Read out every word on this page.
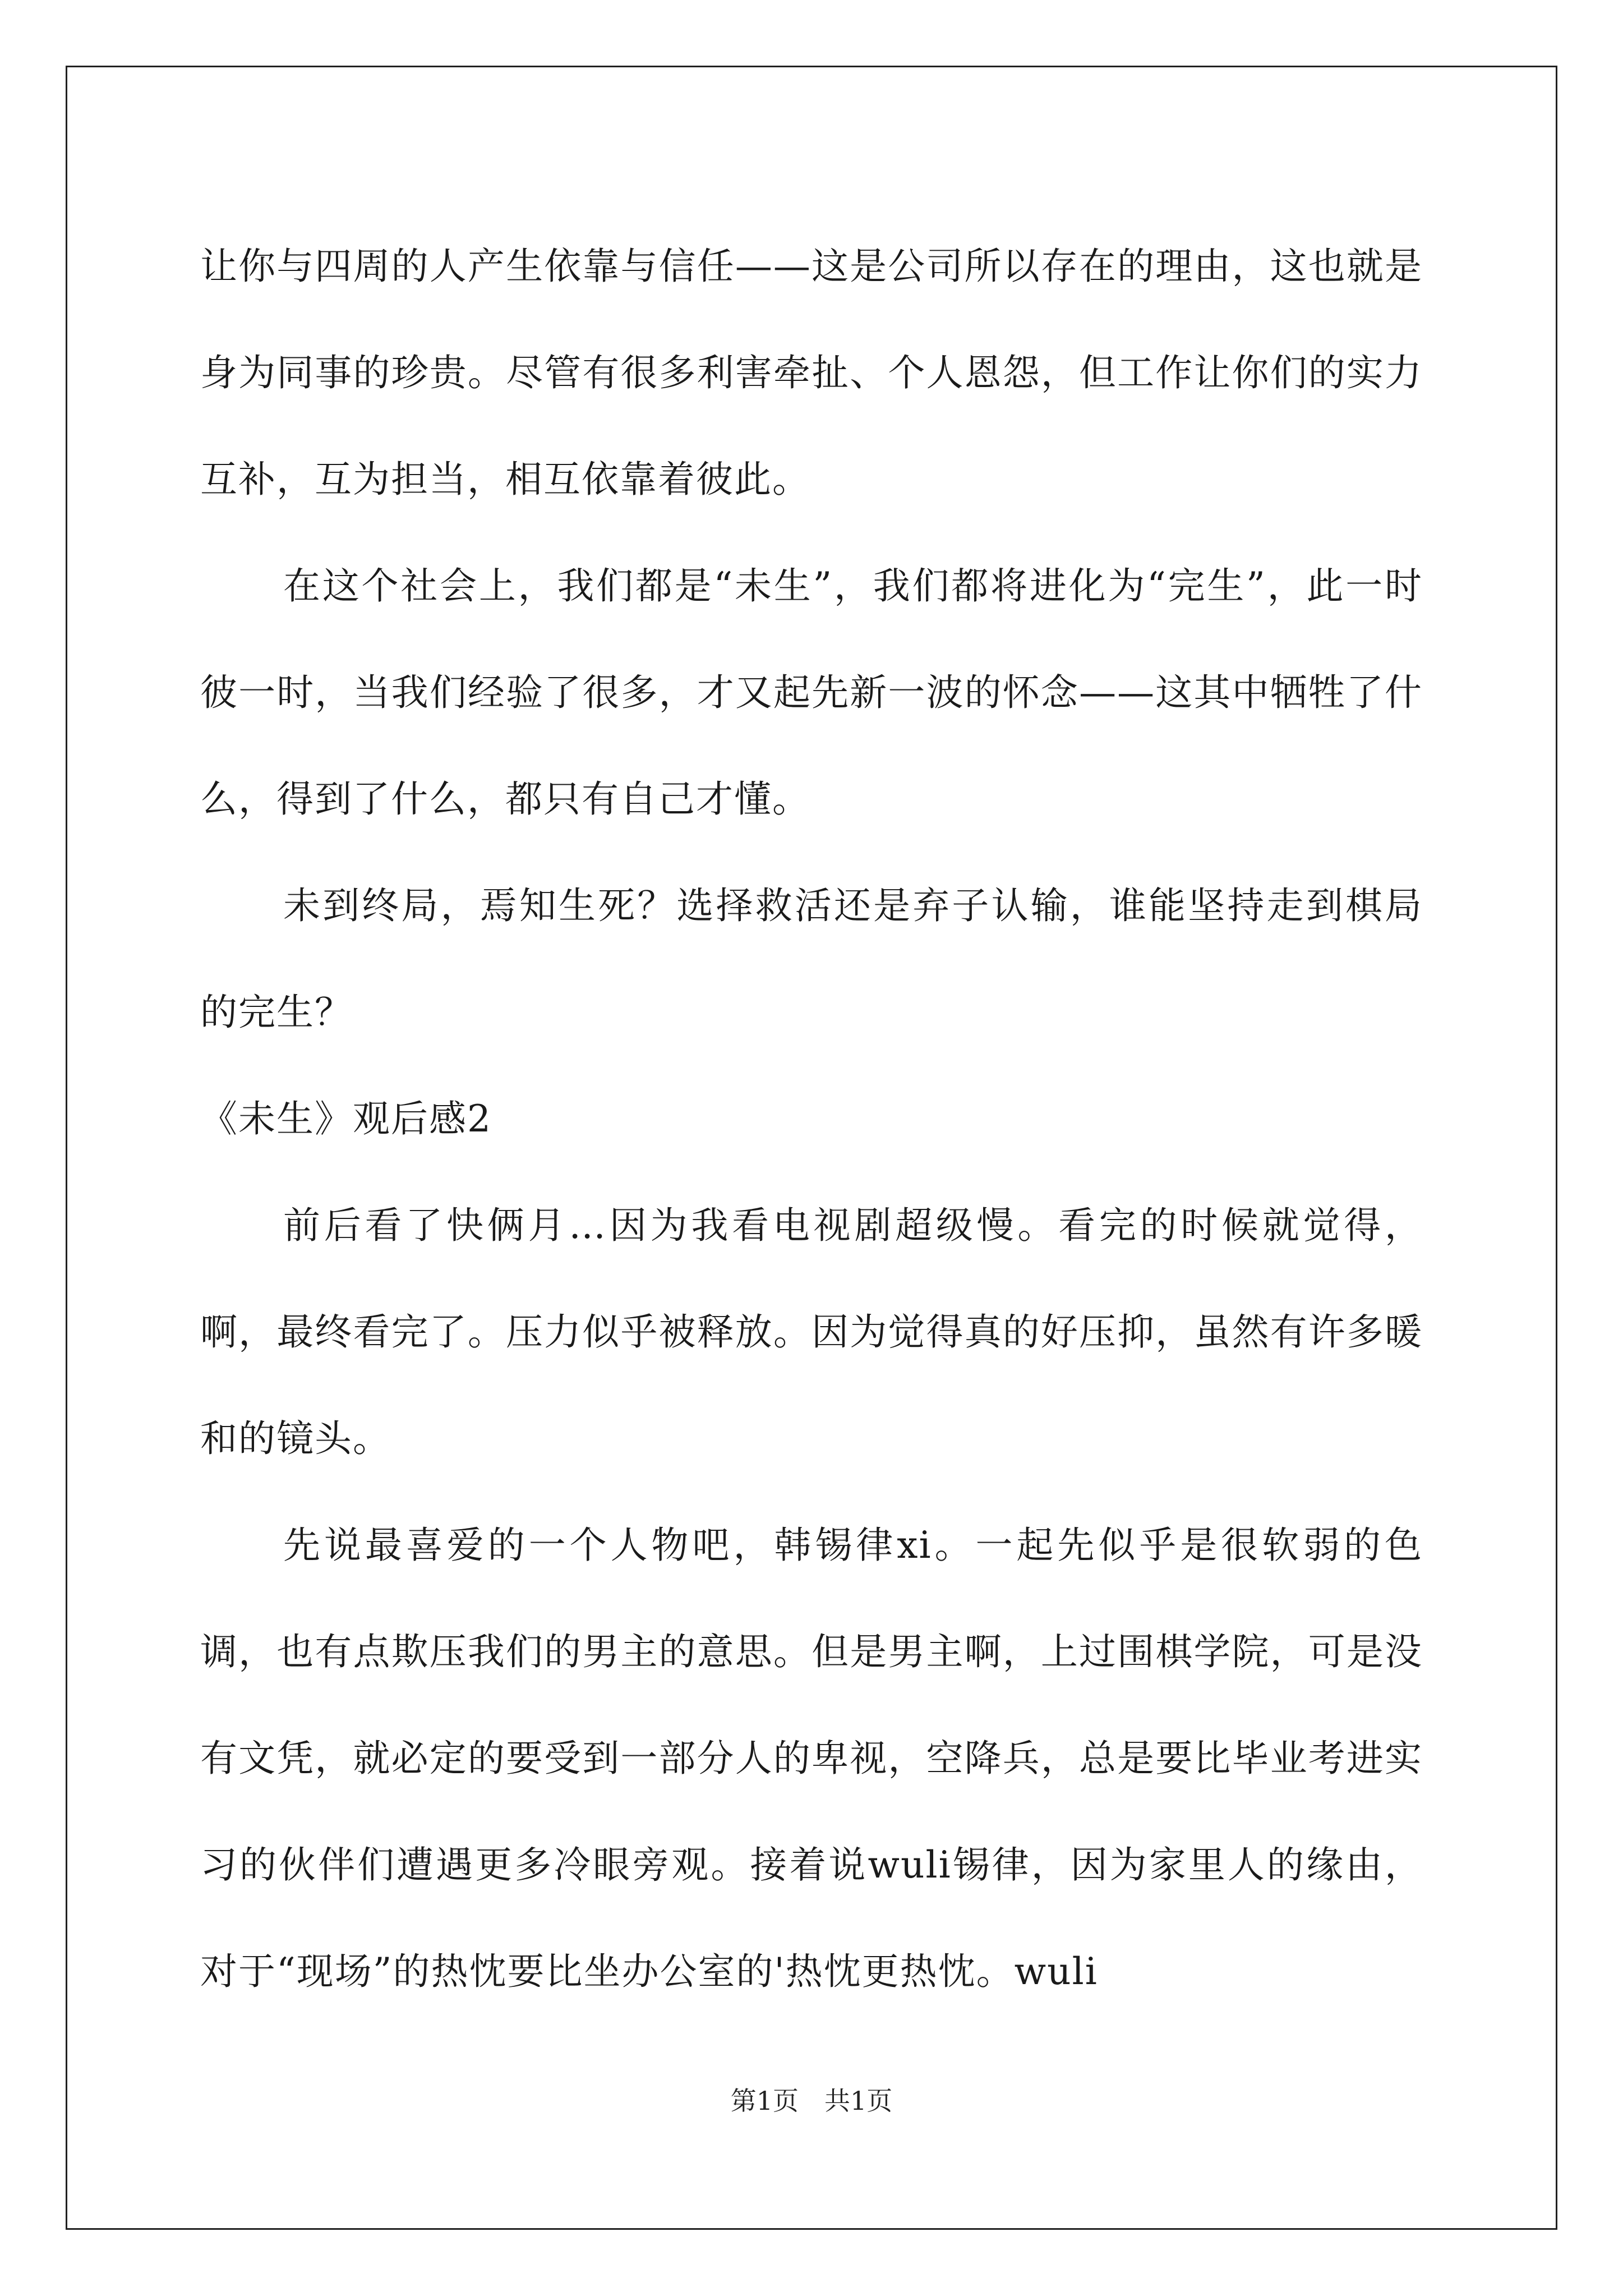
让你与四周的人产生依靠与信任——这是公司所以存在的理由，这也就是身为同事的珍贵。尽管有很多利害牵扯、个人恩怨，但工作让你们的实力互补，互为担当，相互依靠着彼此。

在这个社会上，我们都是“未生”，我们都将进化为“完生”，此一时彼一时，当我们经验了很多，才又起先新一波的怀念——这其中牺牲了什么，得到了什么，都只有自己才懂。

未到终局，焉知生死？选择救活还是弃子认输，谁能坚持走到棋局的完生？

《未生》观后感2

前后看了快俩月…因为我看电视剧超级慢。看完的时候就觉得，啊，最终看完了。压力似乎被释放。因为觉得真的好压抑，虽然有许多暖和的镜头。

先说最喜爱的一个人物吧，韩锡律xi。一起先似乎是很软弱的色调，也有点欺压我们的男主的意思。但是男主啊，上过围棋学院，可是没有文凭，就必定的要受到一部分人的卑视，空降兵，总是要比毕业考进实习的伙伴们遭遇更多冷眼旁观。接着说wuli锡律，因为家里人的缘由，对于“现场”的热忱要比坐办公室的'热忱更热忱。wuli

第1页 共1页
